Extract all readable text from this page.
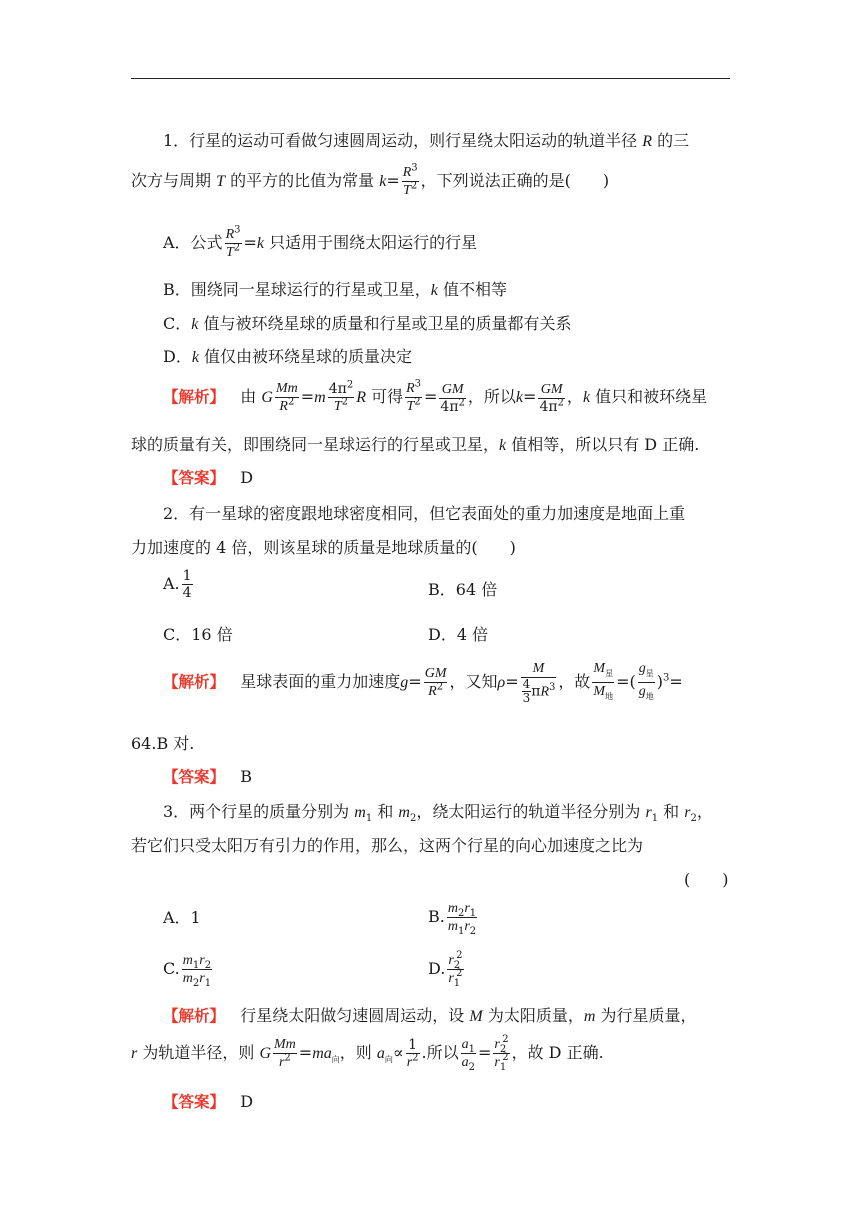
1．行星的运动可看做匀速圆周运动，则行星绕太阳运动的轨道半径 R 的三
次方与周期 T 的平方的比值为常量 $k= \frac{R^3}{T^2}$ ，下列说法正确的是(　　)
A．公式 $\frac{R^3}{T^2} =k$ 只适用于围绕太阳运行的行星
B．围绕同一星球运行的行星或卫星，k 值不相等
C．k 值与被环绕星球的质量和行星或卫星的质量都有关系
D．k 值仅由被环绕星球的质量决定
【解析】 由 G $\frac{Mm}{R^2} =m \frac{4\pi^2}{T^2}$ R 可得 $\frac{R^3}{T^2} = \frac{GM}{4\pi^2}$ ，所以$k= \frac{GM}{4\pi^2}$ ，k 值只和被环绕星
球的质量有关，即围绕同一星球运行的行星或卫星，k 值相等，所以只有 D 正确.
【答案】 D
2．有一星球的密度跟地球密度相同，但它表面处的重力加速度是地面上重
力加速度的 4 倍，则该星球的质量是地球质量的(　　)
A. $\frac{1}{4}$	B．64 倍
C．16 倍	D．4 倍
【解析】 星球表面的重力加速度$g= \frac{GM}{R^2}$ ，又知$\rho= \frac{M}{\frac{4}{3} \pi R^3}$ ，故 $\frac{M_星}{M_地}$ =( $\frac{g_星}{g_地} )^3=$
64.B 对.
【答案】 B
3．两个行星的质量分别为 $m_1$ 和 $m_2$，绕太阳运行的轨道半径分别为 $r_1$ 和 $r_2$，
若它们只受太阳万有引力的作用，那么，这两个行星的向心加速度之比为
(　　)
A．1	B. $\frac{m_2r_1}{m_1r_2}$
C. $\frac{m_1r_2}{m_2r_1}$	D. $\frac{r_2^2}{r_1^2}$
【解析】 行星绕太阳做匀速圆周运动，设 M 为太阳质量，m 为行星质量，
r 为轨道半径，则 G $\frac{Mm}{r^2} =ma_向$，则 $a_向\propto \frac{1}{r^2}$ .所以 $\frac{a_1}{a_2} = \frac{r_2^2}{r_1^2}$ ，故 D 正确.
【答案】 D
